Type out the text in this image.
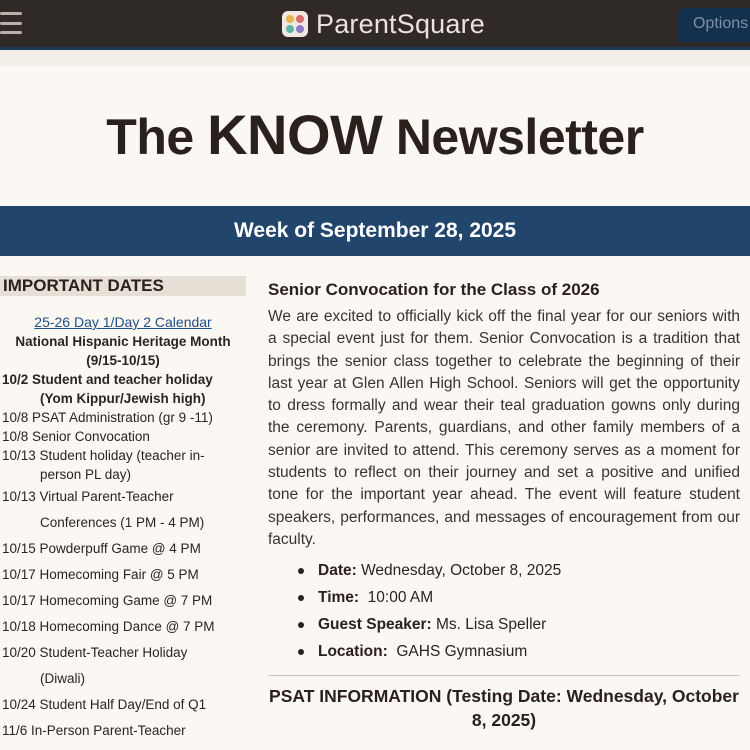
ParentSquare	Options
The KNOW Newsletter
Week of September 28, 2025
IMPORTANT DATES
25-26 Day 1/Day 2 Calendar
National Hispanic Heritage Month (9/15-10/15)
10/2 Student and teacher holiday
(Yom Kippur/Jewish high)
10/8 PSAT Administration (gr 9 -11)
10/8 Senior Convocation
10/13 Student holiday (teacher in-
person PL day)
10/13 Virtual Parent-Teacher
Conferences (1 PM - 4 PM)
10/15 Powderpuff Game @ 4 PM
10/17 Homecoming Fair @ 5 PM
10/17 Homecoming Game @ 7 PM
10/18 Homecoming Dance @ 7 PM
10/20 Student-Teacher Holiday
(Diwali)
10/24 Student Half Day/End of Q1
11/6 In-Person Parent-Teacher
Senior Convocation for the Class of 2026
We are excited to officially kick off the final year for our seniors with a special event just for them. Senior Convocation is a tradition that brings the senior class together to celebrate the beginning of their last year at Glen Allen High School. Seniors will get the opportunity to dress formally and wear their teal graduation gowns only during the ceremony. Parents, guardians, and other family members of a senior are invited to attend. This ceremony serves as a moment for students to reflect on their journey and set a positive and unified tone for the important year ahead. The event will feature student speakers, performances, and messages of encouragement from our faculty.
Date: Wednesday, October 8, 2025
Time:  10:00 AM
Guest Speaker: Ms. Lisa Speller
Location:  GAHS Gymnasium
PSAT INFORMATION (Testing Date: Wednesday, October 8, 2025)
